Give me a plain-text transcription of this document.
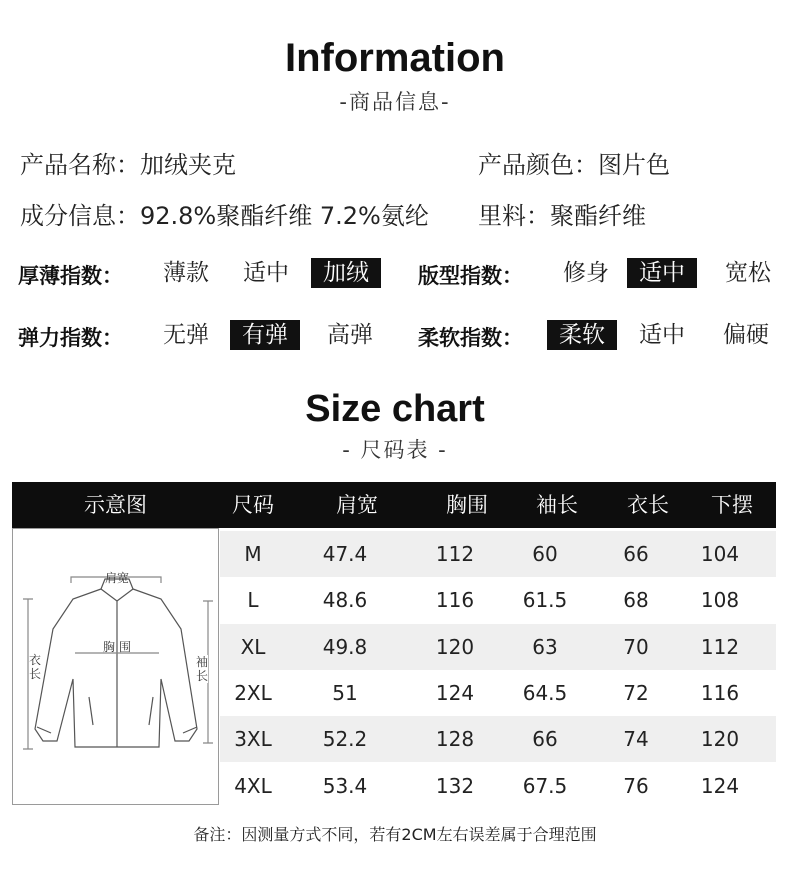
Information
-商品信息-
产品名称：加绒夹克	产品颜色：图片色
成分信息：92.8%聚酯纤维 7.2%氨纶 里料：聚酯纤维
厚薄指数： 薄款 适中	加绒	版型指数： 修身	适中	宽松
弹力指数： 无弹	有弹	高弹 柔软指数：	柔软	适中 偏硬
Size chart
- 尺码表 -
示意图	尺码	肩宽	胸围	袖长	衣长	下摆
肩宽
胸围
衣长
袖长
M	47.4	112	60	66	104
L	48.6	116	61.5	68	108
XL	49.8	120	63	70	112
2XL	51	124	64.5	72	116
3XL	52.2	128	66	74	120
4XL	53.4	132	67.5	76	124
备注：因测量方式不同，若有2CM左右误差属于合理范围
